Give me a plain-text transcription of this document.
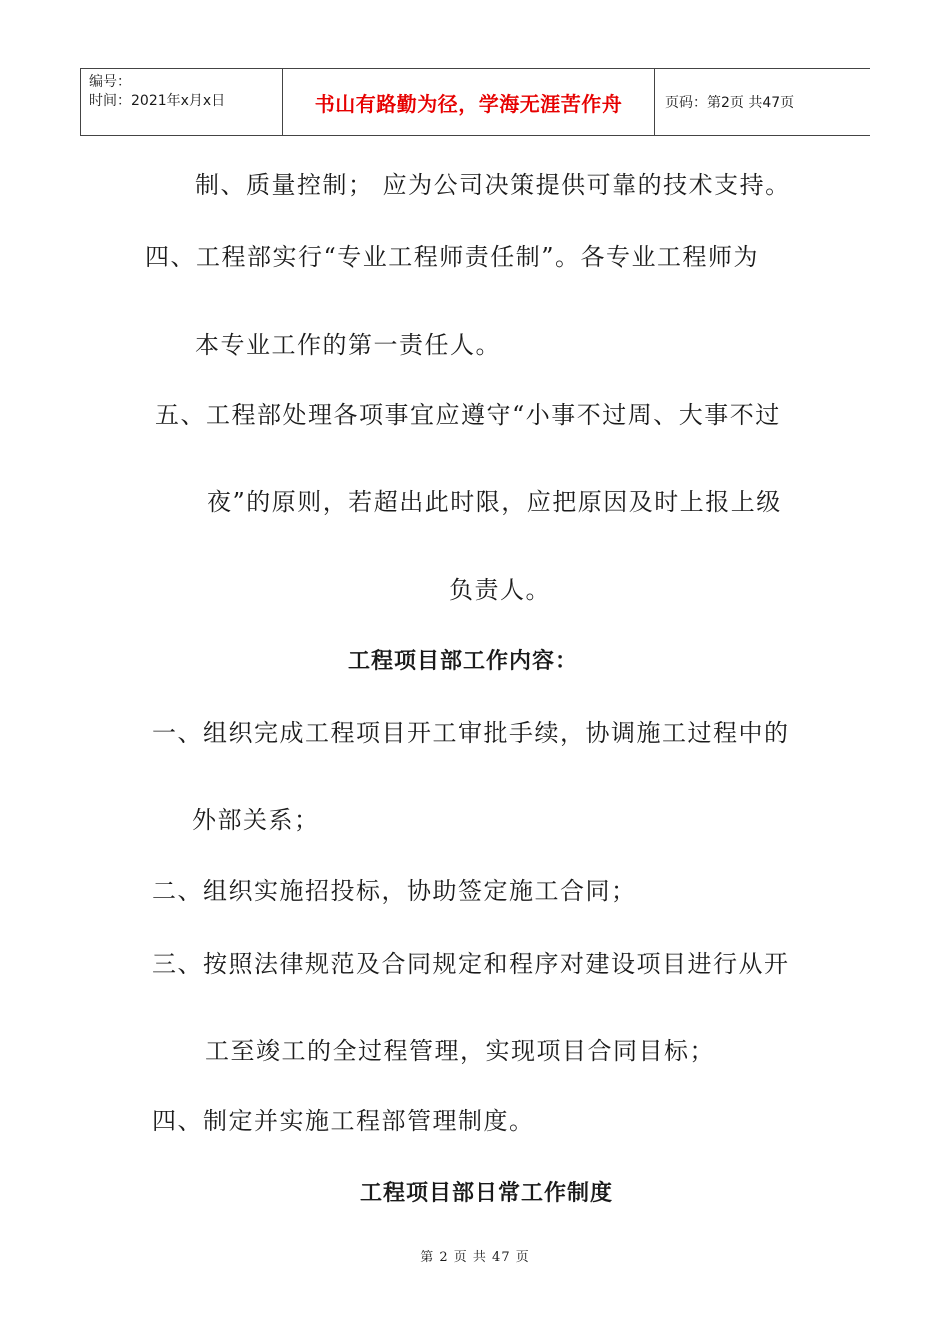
编号：
时间：2021年x月x日	书山有路勤为径，学海无涯苦作舟	页码：第2页 共47页
制、质量控制； 应为公司决策提供可靠的技术支持。
四、工程部实行“专业工程师责任制”。各专业工程师为
本专业工作的第一责任人。
五、工程部处理各项事宜应遵守“小事不过周、大事不过
夜”的原则，若超出此时限，应把原因及时上报上级
负责人。
工程项目部工作内容：
一、组织完成工程项目开工审批手续，协调施工过程中的
外部关系；
二、组织实施招投标，协助签定施工合同；
三、按照法律规范及合同规定和程序对建设项目进行从开
工至竣工的全过程管理，实现项目合同目标；
四、制定并实施工程部管理制度。
工程项目部日常工作制度
第 2 页 共 47 页
